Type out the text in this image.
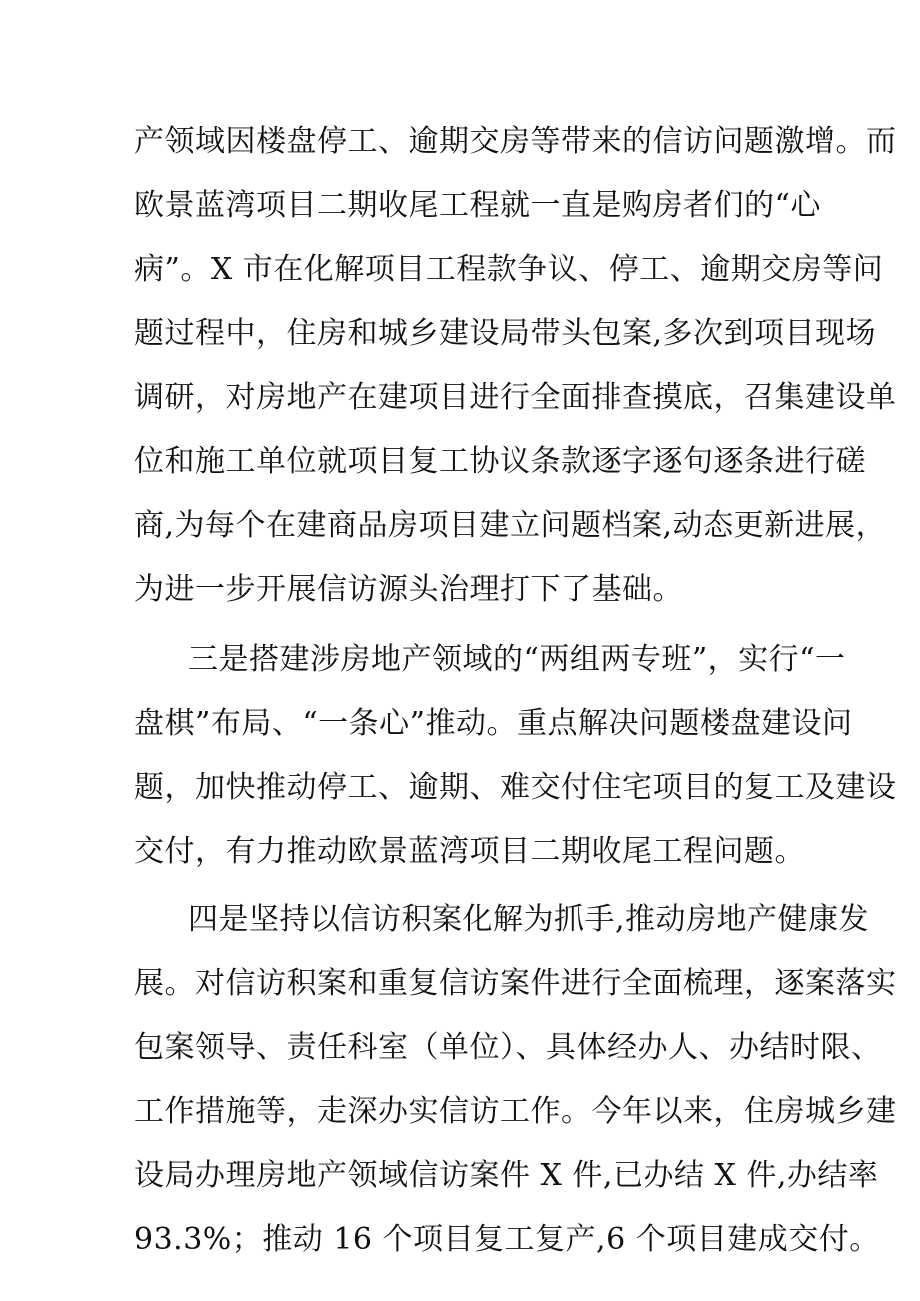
产领域因楼盘停工、逾期交房等带来的信访问题激增。而
欧景蓝湾项目二期收尾工程就一直是购房者们的“心
病”。X 市在化解项目工程款争议、停工、逾期交房等问
题过程中，住房和城乡建设局带头包案,多次到项目现场
调研，对房地产在建项目进行全面排查摸底，召集建设单
位和施工单位就项目复工协议条款逐字逐句逐条进行磋
商,为每个在建商品房项目建立问题档案,动态更新进展，
为进一步开展信访源头治理打下了基础。
三是搭建涉房地产领域的“两组两专班”，实行“一
盘棋”布局、“一条心”推动。重点解决问题楼盘建设问
题，加快推动停工、逾期、难交付住宅项目的复工及建设
交付，有力推动欧景蓝湾项目二期收尾工程问题。
四是坚持以信访积案化解为抓手,推动房地产健康发
展。对信访积案和重复信访案件进行全面梳理，逐案落实
包案领导、责任科室（单位）、具体经办人、办结时限、
工作措施等，走深办实信访工作。今年以来，住房城乡建
设局办理房地产领域信访案件 X 件,已办结 X 件,办结率
93.3%；推动 16 个项目复工复产,6 个项目建成交付。
